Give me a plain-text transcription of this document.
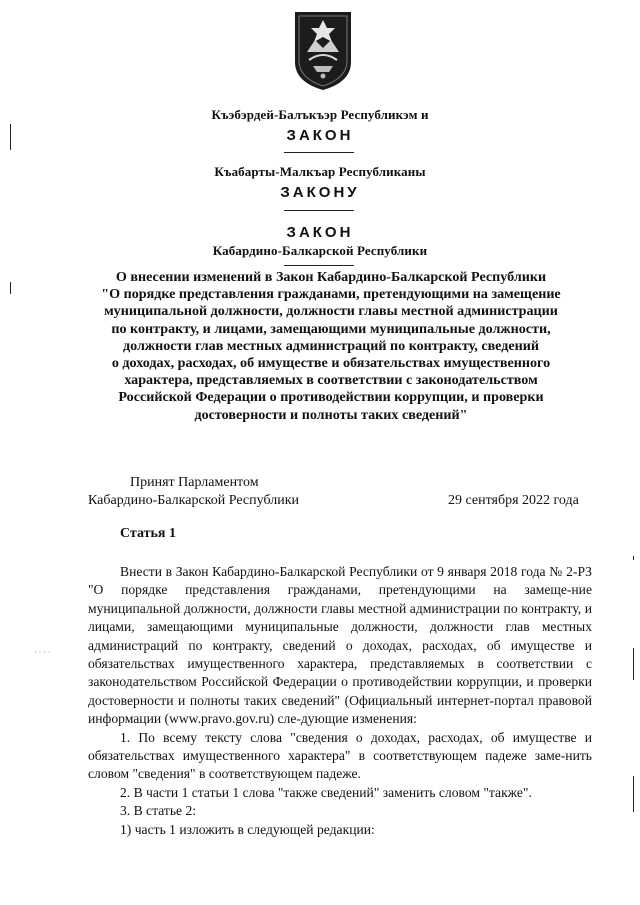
Къэбэрдей-Балъкъэр Республикэм и
ЗАКОН
Къабарты-Малкъар Республиканы
ЗАКОНУ
ЗАКОН
Кабардино-Балкарской Республики
О внесении изменений в Закон Кабардино-Балкарской Республики
"О порядке представления гражданами, претендующими на замещение
муниципальной должности, должности главы местной администрации
по контракту, и лицами, замещающими муниципальные должности,
должности глав местных администраций по контракту, сведений
о доходах, расходах, об имуществе и обязательствах имущественного
характера, представляемых в соответствии с законодательством
Российской Федерации о противодействии коррупции, и проверки
достоверности и полноты таких сведений"
Принят Парламентом
Кабардино-Балкарской Республики	29 сентября 2022 года
Статья 1

Внести в Закон Кабардино-Балкарской Республики от 9 января 2018 года № 2-РЗ "О порядке представления гражданами, претендующими на замеще-ние муниципальной должности, должности главы местной администрации по контракту, и лицами, замещающими муниципальные должности, должности глав местных администраций по контракту, сведений о доходах, расходах, об имуществе и обязательствах имущественного характера, представляемых в соответствии с законодательством Российской Федерации о противодействии коррупции, и проверки достоверности и полноты таких сведений" (Официальный интернет-портал правовой информации (www.pravo.gov.ru) сле-дующие изменения:

1. По всему тексту слова "сведения о доходах, расходах, об имуществе и обязательствах имущественного характера" в соответствующем падеже заме-нить словом "сведения" в соответствующем падеже.

2. В части 1 статьи 1 слова "также сведений" заменить словом "также".

3. В статье 2:

1) часть 1 изложить в следующей редакции:

· · · ·
